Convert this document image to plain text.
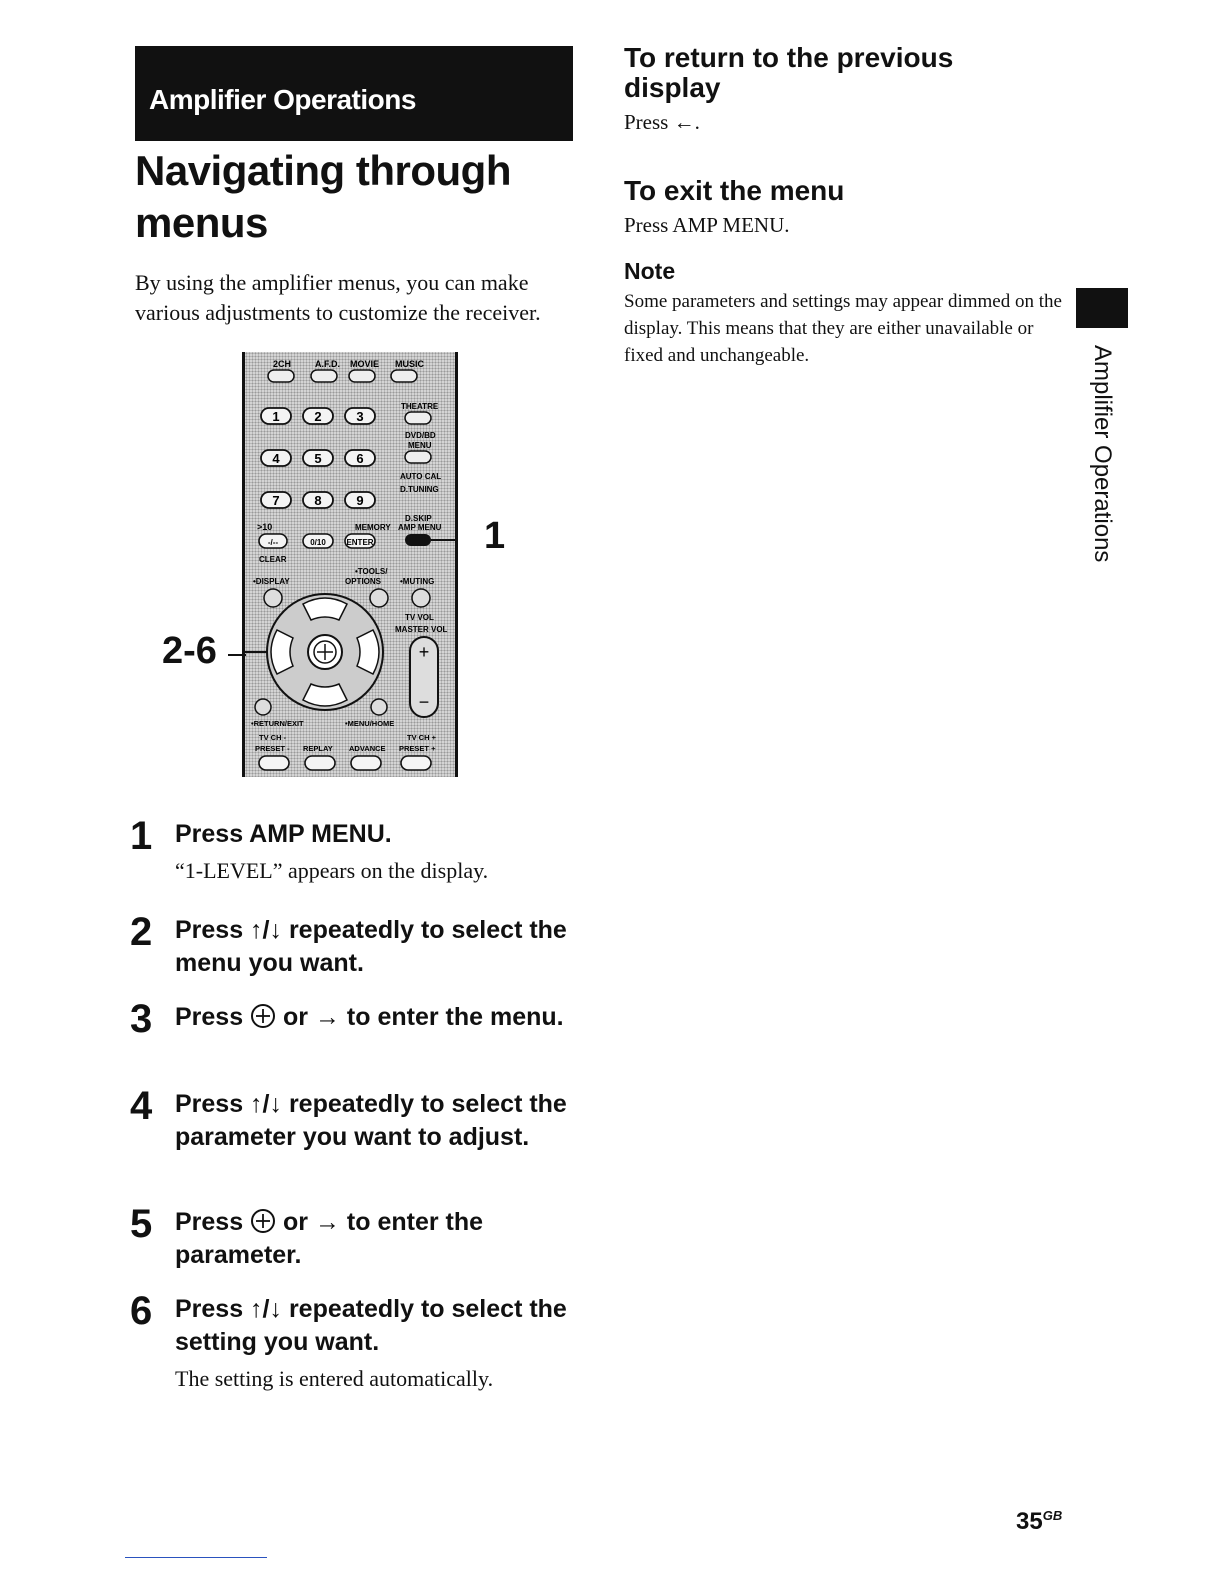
Amplifier Operations
Navigating through menus

By using the amplifier menus, you can make various adjustments to customize the receiver.

2CH	A.F.D. MOVIE MUSIC
1	2	3
4	5	6
7	8	9
THEATRE
DVD/BD
MENU
AUTO CAL
D.TUNING
D.SKIP
>10	MEMORY AMP MENU
-/--	0/10	ENTER
CLEAR
•TOOLS/
OPTIONS •MUTING
•DISPLAY
TV VOL
MASTER VOL
+
−
•RETURN/EXIT	•MENU/HOME
TV CH -	TV CH +
PRESET - REPLAY ADVANCE PRESET +
1
2-6
1 Press AMP MENU.

“1-LEVEL” appears on the display.

2 Press ↑/↓ repeatedly to select the menu you want.

3 Press or → to enter the menu.

4 Press ↑/↓ repeatedly to select the parameter you want to adjust.

5 Press or → to enter the parameter.

6 Press ↑/↓ repeatedly to select the setting you want.

The setting is entered automatically.

To return to the previous display

Press ←.

To exit the menu

Press AMP MENU.

Note

Some parameters and settings may appear dimmed on the display. This means that they are either unavailable or fixed and unchangeable.	Amplifier Operations
$35^{GB}$
